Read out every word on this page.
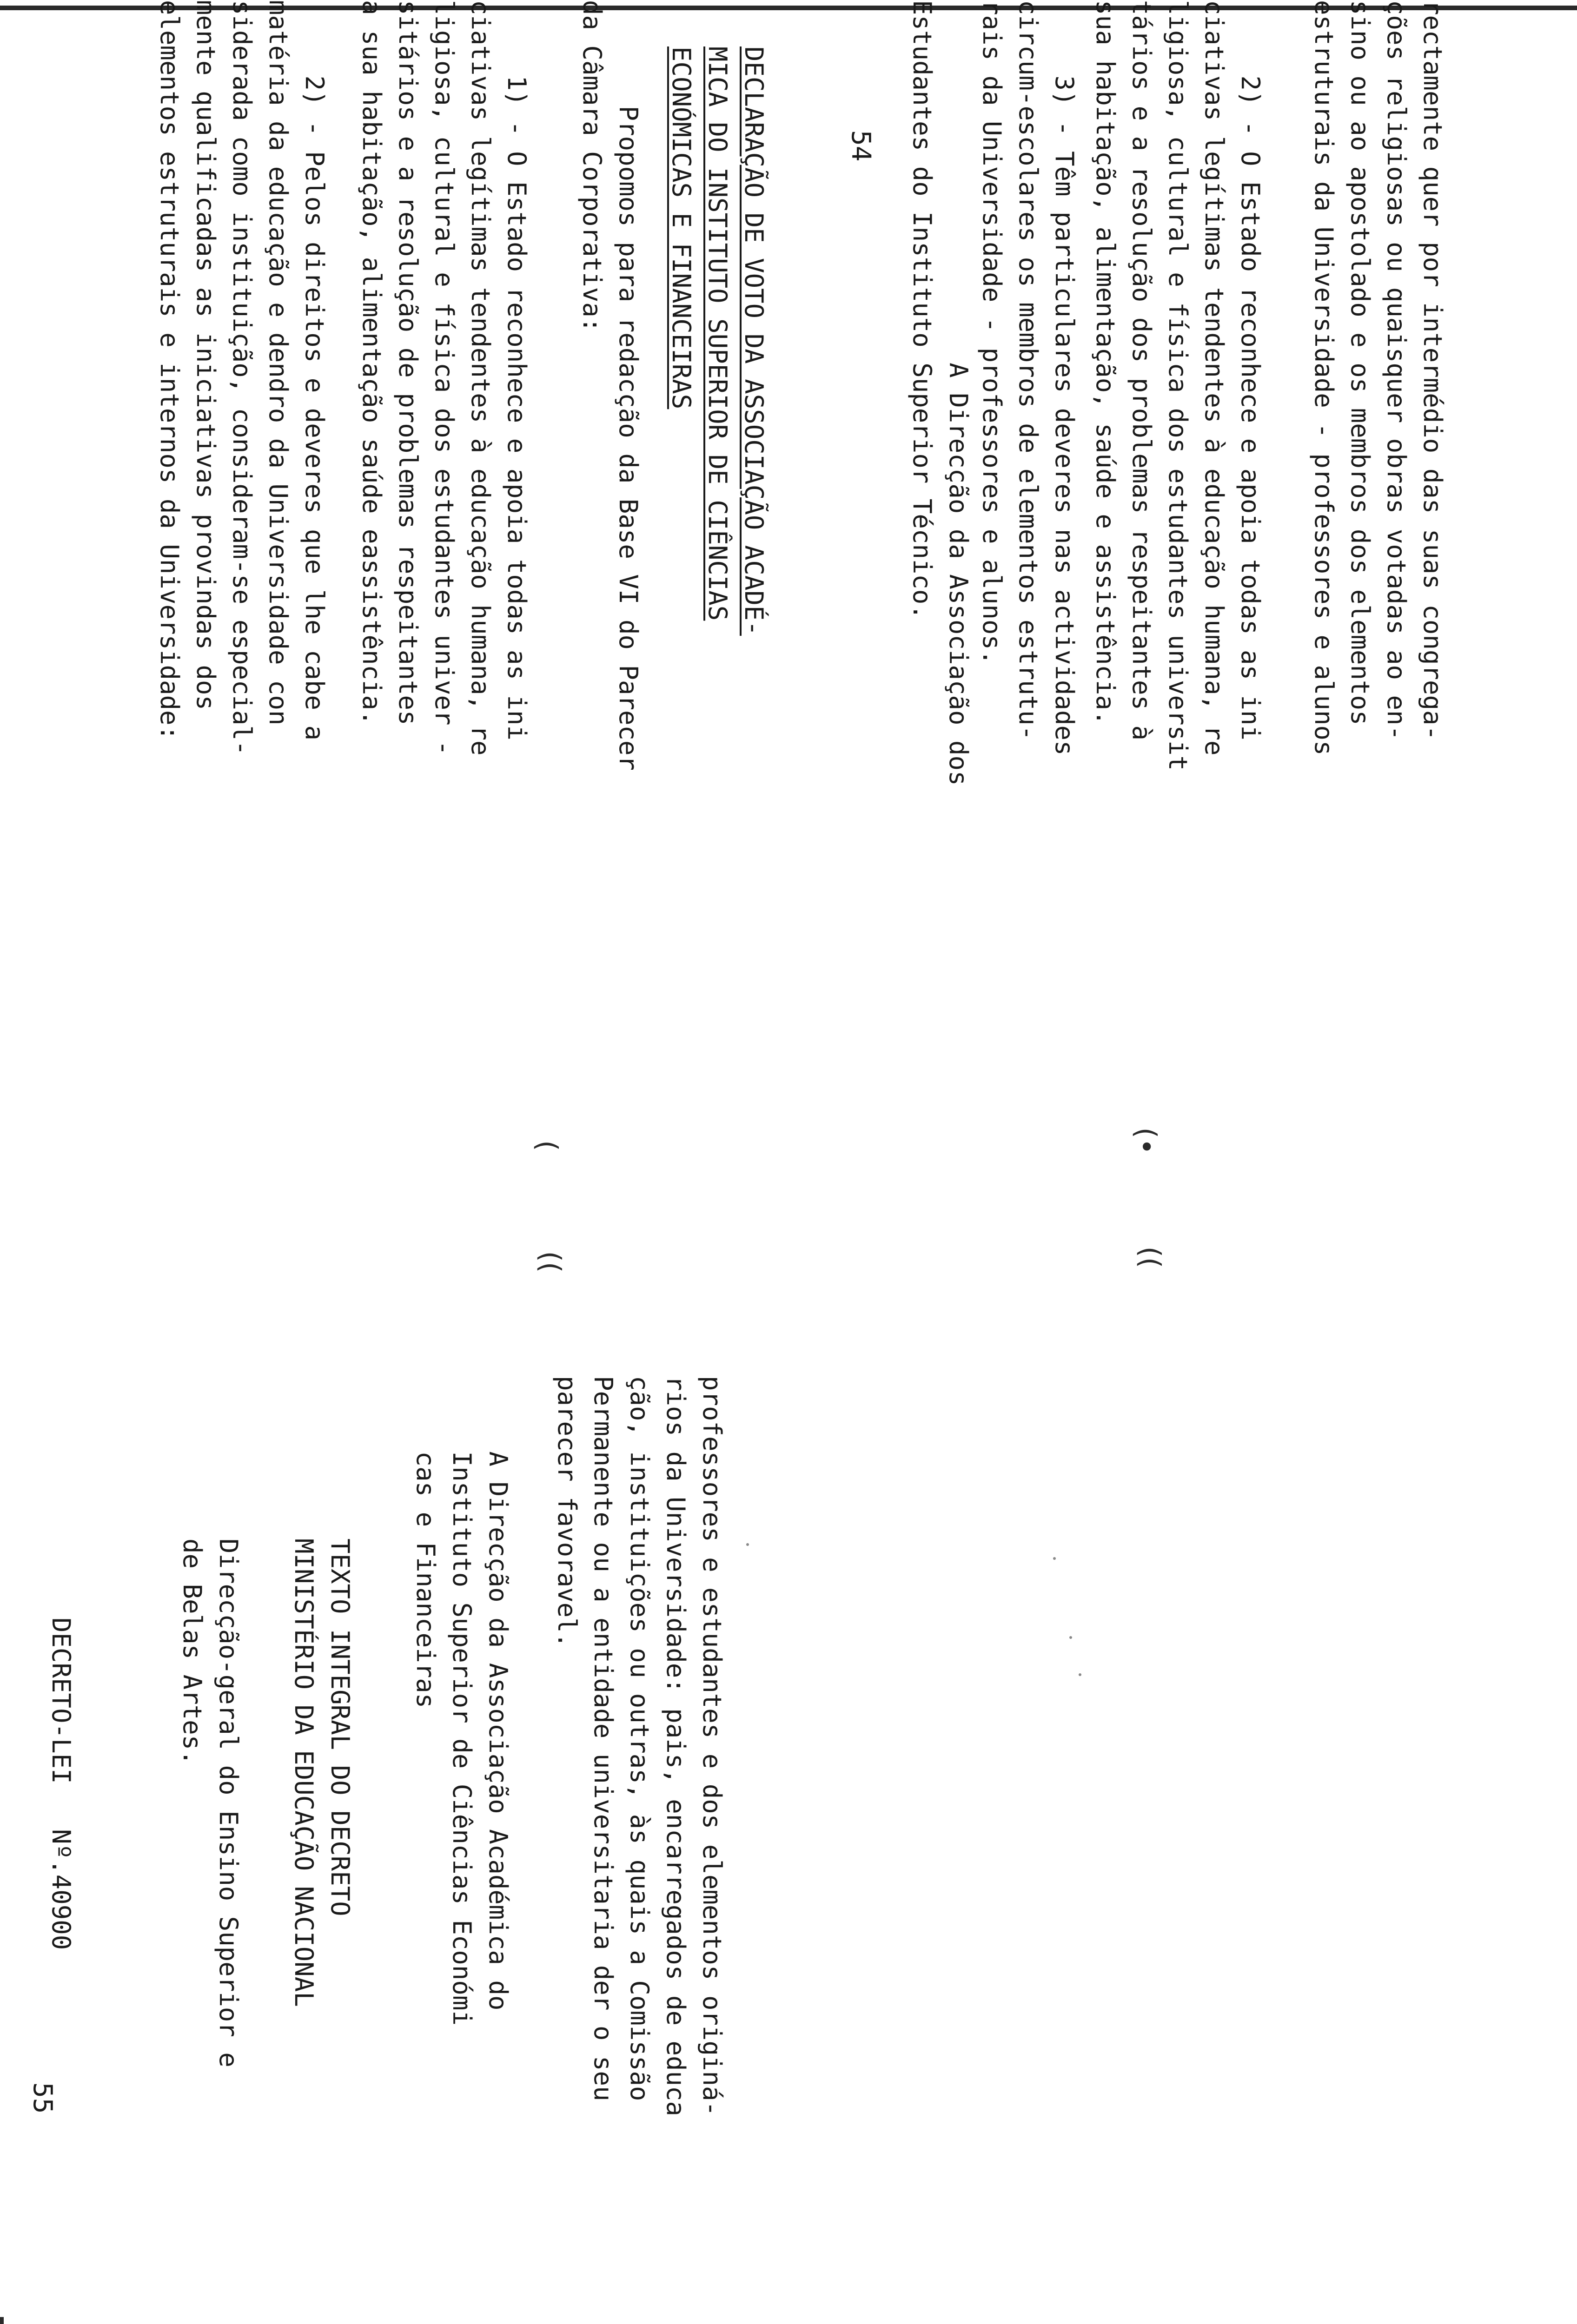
(
((
(•
((
54	rectamente quer por intermédio das suas congrega-
ções religiosas ou quaisquer obras votadas ao en-
sino ou ao apostolado e os membros dos elementos
estruturais da Universidade - professores e alunos
2) - O Estado reconhece e apoia todas as ini
ciativas legítimas tendentes à educação humana, re
ligiosa, cultural e física dos estudantes universit
tários e a resolução dos problemas respeitantes à
sua habitação, alimentação, saúde e assistência.
3) - Têm particulares deveres nas actividades
circum-escolares os membros de elementos estrutu-
rais da Universidade - professores e alunos.
A Direcção da Associação dos
Estudantes do Instituto Superior Técnico.
DECLARAÇÃO DE VOTO DA ASSOCIAÇÃO ACADÉ-
MICA DO INSTITUTO SUPERIOR DE CIÊNCIAS
ECONÓMICAS E FINANCEIRAS
Propomos para redacção da Base VI do Parecer
da Câmara Corporativa:
1) - O Estado reconhece e apoia todas as ini
ciativas legítimas tendentes à educação humana, re
ligiosa, cultural e física dos estudantes univer -
sitários e a resolução de problemas respeitantes
a sua habitação, alimentação saúde eassistência.
2) - Pelos direitos e deveres que lhe cabe a
matéria da educação e dendro da Universidade con
siderada como instituição, consideram-se especial-
mente qualificadas as iniciativas provindas dos
elementos estruturais e internos da Universidade:
55	professores e estudantes e dos elementos originá-
rios da Universidade: pais, encarregados de educa
ção, instituições ou outras, às quais a Comissão
Permanente ou a entidade universitaria der o seu
parecer favoravel.
A Direcção da Associação Académica do
Instituto Superior de Ciências Económi
cas e Financeiras
TEXTO INTEGRAL DO DECRETO
MINISTÉRIO DA EDUCAÇÃO NACIONAL
Direcção-geral do Ensino Superior e
de Belas Artes.
DECRETO-LEI   Nº.40900
